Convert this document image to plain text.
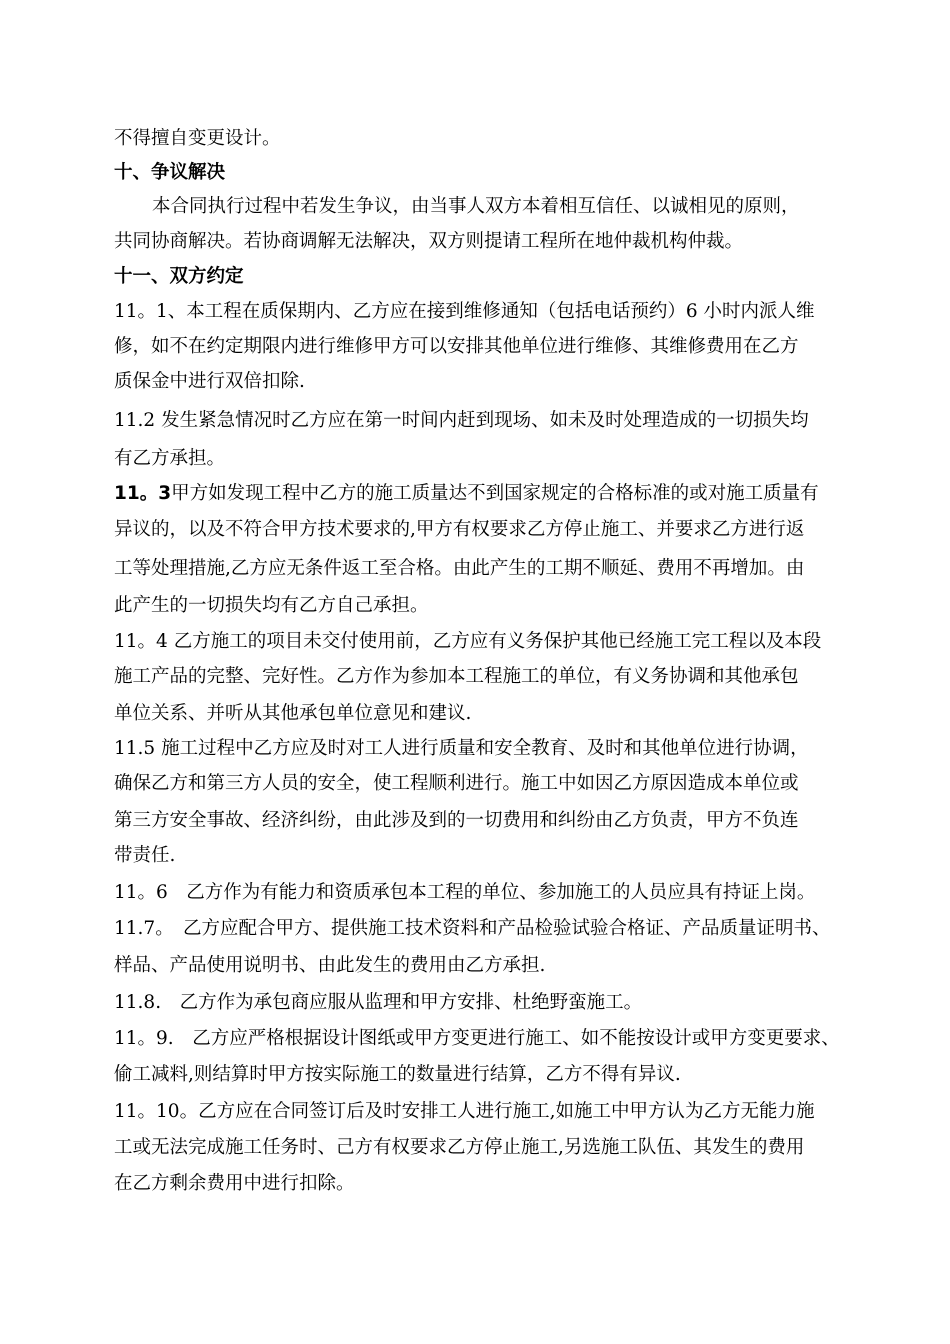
不得擅自变更设计。
十、争议解决
本合同执行过程中若发生争议，由当事人双方本着相互信任、以诚相见的原则，
共同协商解决。若协商调解无法解决，双方则提请工程所在地仲裁机构仲裁。
十一、双方约定
11。1、本工程在质保期内、乙方应在接到维修通知（包括电话预约）6 小时内派人维
修，如不在约定期限内进行维修甲方可以安排其他单位进行维修、其维修费用在乙方
质保金中进行双倍扣除.
11.2 发生紧急情况时乙方应在第一时间内赶到现场、如未及时处理造成的一切损失均
有乙方承担。
11。3甲方如发现工程中乙方的施工质量达不到国家规定的合格标准的或对施工质量有
异议的，以及不符合甲方技术要求的,甲方有权要求乙方停止施工、并要求乙方进行返
工等处理措施,乙方应无条件返工至合格。由此产生的工期不顺延、费用不再增加。由
此产生的一切损失均有乙方自己承担。
11。4 乙方施工的项目未交付使用前，乙方应有义务保护其他已经施工完工程以及本段
施工产品的完整、完好性。乙方作为参加本工程施工的单位，有义务协调和其他承包
单位关系、并听从其他承包单位意见和建议.
11.5 施工过程中乙方应及时对工人进行质量和安全教育、及时和其他单位进行协调，
确保乙方和第三方人员的安全，使工程顺利进行。施工中如因乙方原因造成本单位或
第三方安全事故、经济纠纷，由此涉及到的一切费用和纠纷由乙方负责，甲方不负连
带责任.
11。6　乙方作为有能力和资质承包本工程的单位、参加施工的人员应具有持证上岗。
11.7。　乙方应配合甲方、提供施工技术资料和产品检验试验合格证、产品质量证明书、
样品、产品使用说明书、由此发生的费用由乙方承担.
11.8.　乙方作为承包商应服从监理和甲方安排、杜绝野蛮施工。
11。9.　乙方应严格根据设计图纸或甲方变更进行施工、如不能按设计或甲方变更要求、
偷工减料,则结算时甲方按实际施工的数量进行结算，乙方不得有异议.
11。10。乙方应在合同签订后及时安排工人进行施工,如施工中甲方认为乙方无能力施
工或无法完成施工任务时、己方有权要求乙方停止施工,另选施工队伍、其发生的费用
在乙方剩余费用中进行扣除。
